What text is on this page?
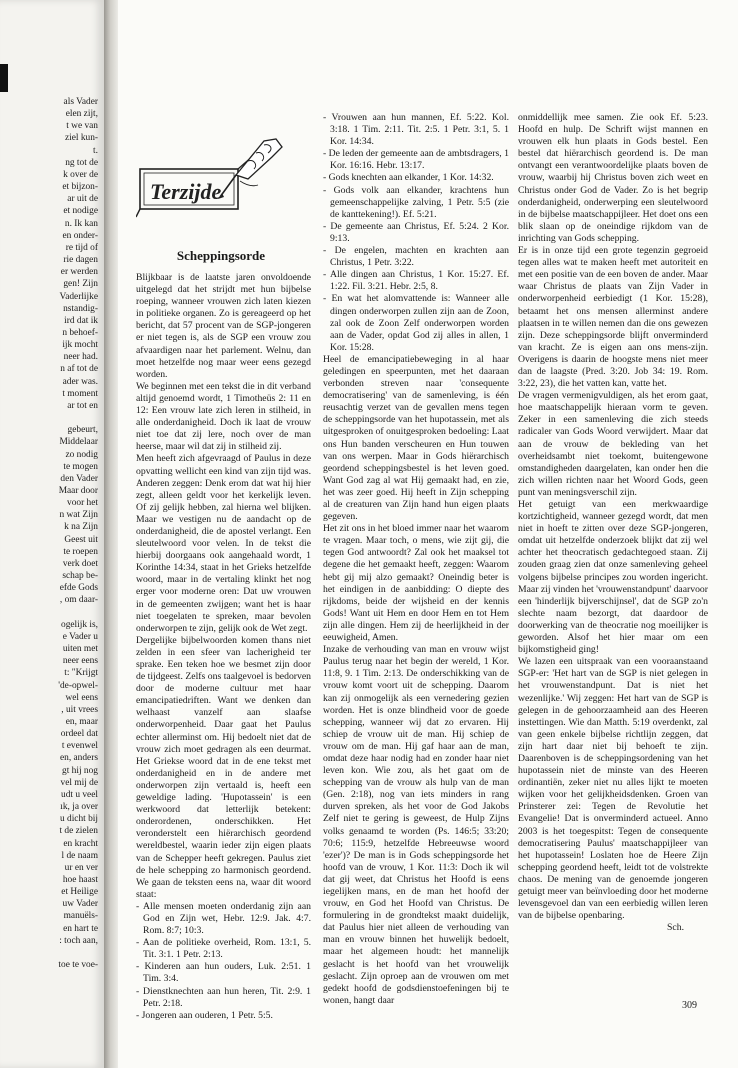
als Vader
elen zijt,
t we van
ziel kun-
t.
ng tot de
k over de
et bijzon-
ar uit de
et nodige
n. Ik kan
en onder-
re tijd of
rie dagen
er werden
gen! Zijn
Vaderlijke
nstandig-
ird dat ik
n behoef-
ijk mocht
neer had.
n af tot de
ader was.
t moment
ar tot en

gebeurt,
Middelaar
zo nodig
te mogen
den Vader
Maar door
voor het
n wat Zijn
k na Zijn
Geest uit
te roepen
verk doet
schap be-
efde Gods
, om daar-

ogelijk is,
e Vader u
uiten met
neer eens
t: "Krijgt
'de-opwel-
wel eens
, uit vrees
en, maar
ordeel dat
t evenwel
en, anders
gt hij nog
vel mij de
udt u veel
ık, ja over
u dicht bij
t de zielen
en kracht
l de naam
ur en ver
hoe haast
et Heilige
uw Vader
manuëls-
en hart te
: toch aan,

toe te voe-
Terzijde
Scheppingsorde
Blijkbaar is de laatste jaren onvoldoende uitgelegd dat het strijdt met hun bijbelse roeping, wanneer vrouwen zich laten kiezen in politieke organen. Zo is gereageerd op het bericht, dat 57 procent van de SGP-jongeren er niet tegen is, als de SGP een vrouw zou afvaardigen naar het parlement. Welnu, dan moet hetzelfde nog maar weer eens gezegd worden.
We beginnen met een tekst die in dit verband altijd genoemd wordt, 1 Timotheüs 2: 11 en 12: Een vrouw late zich leren in stilheid, in alle onderdanigheid. Doch ik laat de vrouw niet toe dat zij lere, noch over de man heerse, maar wil dat zij in stilheid zij.
Men heeft zich afgevraagd of Paulus in deze opvatting wellicht een kind van zijn tijd was. Anderen zeggen: Denk erom dat wat hij hier zegt, alleen geldt voor het kerkelijk leven. Of zij gelijk hebben, zal hierna wel blijken. Maar we vestigen nu de aandacht op de onderdanigheid, die de apostel verlangt. Een sleutelwoord voor velen. In de tekst die hierbij doorgaans ook aangehaald wordt, 1 Korinthe 14:34, staat in het Grieks hetzelfde woord, maar in de vertaling klinkt het nog erger voor moderne oren: Dat uw vrouwen in de gemeenten zwijgen; want het is haar niet toegelaten te spreken, maar bevolen onderworpen te zijn, gelijk ook de Wet zegt.
Dergelijke bijbelwoorden komen thans niet zelden in een sfeer van lacherigheid ter sprake. Een teken hoe we besmet zijn door de tijdgeest. Zelfs ons taalgevoel is bedorven door de moderne cultuur met haar emancipatiedriften. Want we denken dan welhaast vanzelf aan slaafse onderworpenheid. Daar gaat het Paulus echter allerminst om. Hij bedoelt niet dat de vrouw zich moet gedragen als een deurmat. Het Griekse woord dat in de ene tekst met onderdanigheid en in de andere met onderworpen zijn vertaald is, heeft een geweldige lading. 'Hupotassein' is een werkwoord dat letterlijk betekent: onderordenen, onderschikken. Het veronderstelt een hiërarchisch geordend wereldbestel, waarin ieder zijn eigen plaats van de Schepper heeft gekregen. Paulus ziet de hele schepping zo harmonisch geordend. We gaan de teksten eens na, waar dit woord staat:
- Alle mensen moeten onderdanig zijn aan God en Zijn wet, Hebr. 12:9. Jak. 4:7. Rom. 8:7; 10:3.
- Aan de politieke overheid, Rom. 13:1, 5. Tit. 3:1. 1 Petr. 2:13.
- Kinderen aan hun ouders, Luk. 2:51. 1 Tim. 3:4.
- Dienstknechten aan hun heren, Tit. 2:9. 1 Petr. 2:18.
- Jongeren aan ouderen, 1 Petr. 5:5.
- Vrouwen aan hun mannen, Ef. 5:22. Kol. 3:18. 1 Tim. 2:11. Tit. 2:5. 1 Petr. 3:1, 5. 1 Kor. 14:34.
- De leden der gemeente aan de ambtsdragers, 1 Kor. 16:16. Hebr. 13:17.
- Gods knechten aan elkander, 1 Kor. 14:32.
- Gods volk aan elkander, krachtens hun gemeenschappelijke zalving, 1 Petr. 5:5 (zie de kanttekening!). Ef. 5:21.
- De gemeente aan Christus, Ef. 5:24. 2 Kor. 9:13.
- De engelen, machten en krachten aan Christus, 1 Petr. 3:22.
- Alle dingen aan Christus, 1 Kor. 15:27. Ef. 1:22. Fil. 3:21. Hebr. 2:5, 8.
- En wat het alomvattende is: Wanneer alle dingen onderworpen zullen zijn aan de Zoon, zal ook de Zoon Zelf onderworpen worden aan de Vader, opdat God zij alles in allen, 1 Kor. 15:28.
Heel de emancipatiebeweging in al haar geledingen en speerpunten, met het daaraan verbonden streven naar 'consequente democratisering' van de samenleving, is één reusachtig verzet van de gevallen mens tegen de scheppingsorde van het hupotassein, met als uitgesproken of onuitgesproken bedoeling: Laat ons Hun banden verscheuren en Hun touwen van ons werpen. Maar in Gods hiërarchisch geordend scheppingsbestel is het leven goed. Want God zag al wat Hij gemaakt had, en zie, het was zeer goed. Hij heeft in Zijn schepping al de creaturen van Zijn hand hun eigen plaats gegeven.
Het zit ons in het bloed immer naar het waarom te vragen. Maar toch, o mens, wie zijt gij, die tegen God antwoordt? Zal ook het maaksel tot degene die het gemaakt heeft, zeggen: Waarom hebt gij mij alzo gemaakt? Oneindig beter is het eindigen in de aanbidding: O diepte des rijkdoms, beide der wijsheid en der kennis Gods! Want uit Hem en door Hem en tot Hem zijn alle dingen. Hem zij de heerlijkheid in der eeuwigheid, Amen.
Inzake de verhouding van man en vrouw wijst Paulus terug naar het begin der wereld, 1 Kor. 11:8, 9. 1 Tim. 2:13. De onderschikking van de vrouw komt voort uit de schepping. Daarom kan zij onmogelijk als een vernedering gezien worden. Het is onze blindheid voor de goede schepping, wanneer wij dat zo ervaren. Hij schiep de vrouw uit de man. Hij schiep de vrouw om de man. Hij gaf haar aan de man, omdat deze haar nodig had en zonder haar niet leven kon. Wie zou, als het gaat om de schepping van de vrouw als hulp van de man (Gen. 2:18), nog van iets minders in rang durven spreken, als het voor de God Jakobs Zelf niet te gering is geweest, de Hulp Zijns volks genaamd te worden (Ps. 146:5; 33:20; 70:6; 115:9, hetzelfde Hebreeuwse woord 'ezer')? De man is in Gods scheppingsorde het hoofd van de vrouw, 1 Kor. 11:3: Doch ik wil dat gij weet, dat Christus het Hoofd is eens iegelijken mans, en de man het hoofd der vrouw, en God het Hoofd van Christus. De formulering in de grondtekst maakt duidelijk, dat Paulus hier niet alleen de verhouding van man en vrouw binnen het huwelijk bedoelt, maar het algemeen houdt: het mannelijk geslacht is het hoofd van het vrouwelijk geslacht. Zijn oproep aan de vrouwen om met gedekt hoofd de godsdienstoefeningen bij te wonen, hangt daar
onmiddellijk mee samen. Zie ook Ef. 5:23. Hoofd en hulp. De Schrift wijst mannen en vrouwen elk hun plaats in Gods bestel. Een bestel dat hiërarchisch geordend is. De man ontvangt een verantwoordelijke plaats boven de vrouw, waarbij hij Christus boven zich weet en Christus onder God de Vader. Zo is het begrip onderdanigheid, onderwerping een sleutelwoord in de bijbelse maatschappijleer. Het doet ons een blik slaan op de oneindige rijkdom van de inrichting van Gods schepping.
Er is in onze tijd een grote tegenzin gegroeid tegen alles wat te maken heeft met autoriteit en met een positie van de een boven de ander. Maar waar Christus de plaats van Zijn Vader in onderworpenheid eerbiedigt (1 Kor. 15:28), betaamt het ons mensen allerminst andere plaatsen in te willen nemen dan die ons gewezen zijn. Deze scheppingsorde blijft onverminderd van kracht. Ze is eigen aan ons mens-zijn. Overigens is daarin de hoogste mens niet meer dan de laagste (Pred. 3:20. Job 34: 19. Rom. 3:22, 23), die het vatten kan, vatte het.
De vragen vermenigvuldigen, als het erom gaat, hoe maatschappelijk hieraan vorm te geven. Zeker in een samenleving die zich steeds radicaler van Gods Woord verwijdert. Maar dat aan de vrouw de bekleding van het overheidsambt niet toekomt, buitengewone omstandigheden daargelaten, kan onder hen die zich willen richten naar het Woord Gods, geen punt van meningsverschil zijn.
Het getuigt van een merkwaardige kortzichtigheid, wanneer gezegd wordt, dat men niet in hoeft te zitten over deze SGP-jongeren, omdat uit hetzelfde onderzoek blijkt dat zij wel achter het theocratisch gedachtegoed staan. Zij zouden graag zien dat onze samenleving geheel volgens bijbelse principes zou worden ingericht. Maar zij vinden het 'vrouwenstandpunt' daarvoor een 'hinderlijk bijverschijnsel', dat de SGP zo'n slechte naam bezorgt, dat daardoor de doorwerking van de theocratie nog moeilijker is geworden. Alsof het hier maar om een bijkomstigheid ging!
We lazen een uitspraak van een vooraanstaand SGP-er: 'Het hart van de SGP is niet gelegen in het vrouwenstandpunt. Dat is niet het wezenlijke.' Wij zeggen: Het hart van de SGP is gelegen in de gehoorzaamheid aan des Heeren instettingen. Wie dan Matth. 5:19 overdenkt, zal van geen enkele bijbelse richtlijn zeggen, dat zijn hart daar niet bij behoeft te zijn. Daarenboven is de scheppingsordening van het hupotassein niet de minste van des Heeren ordinantiën, zeker niet nu alles lijkt te moeten wijken voor het gelijkheidsdenken. Groen van Prinsterer zei: Tegen de Revolutie het Evangelie! Dat is onverminderd actueel. Anno 2003 is het toegespitst: Tegen de consequente democratisering Paulus' maatschappijleer van het hupotassein! Loslaten hoe de Heere Zijn schepping geordend heeft, leidt tot de volstrekte chaos. De mening van de genoemde jongeren getuigt meer van beïnvloeding door het moderne levensgevoel dan van een eerbiedig willen leren van de bijbelse openbaring.
Sch.
309
